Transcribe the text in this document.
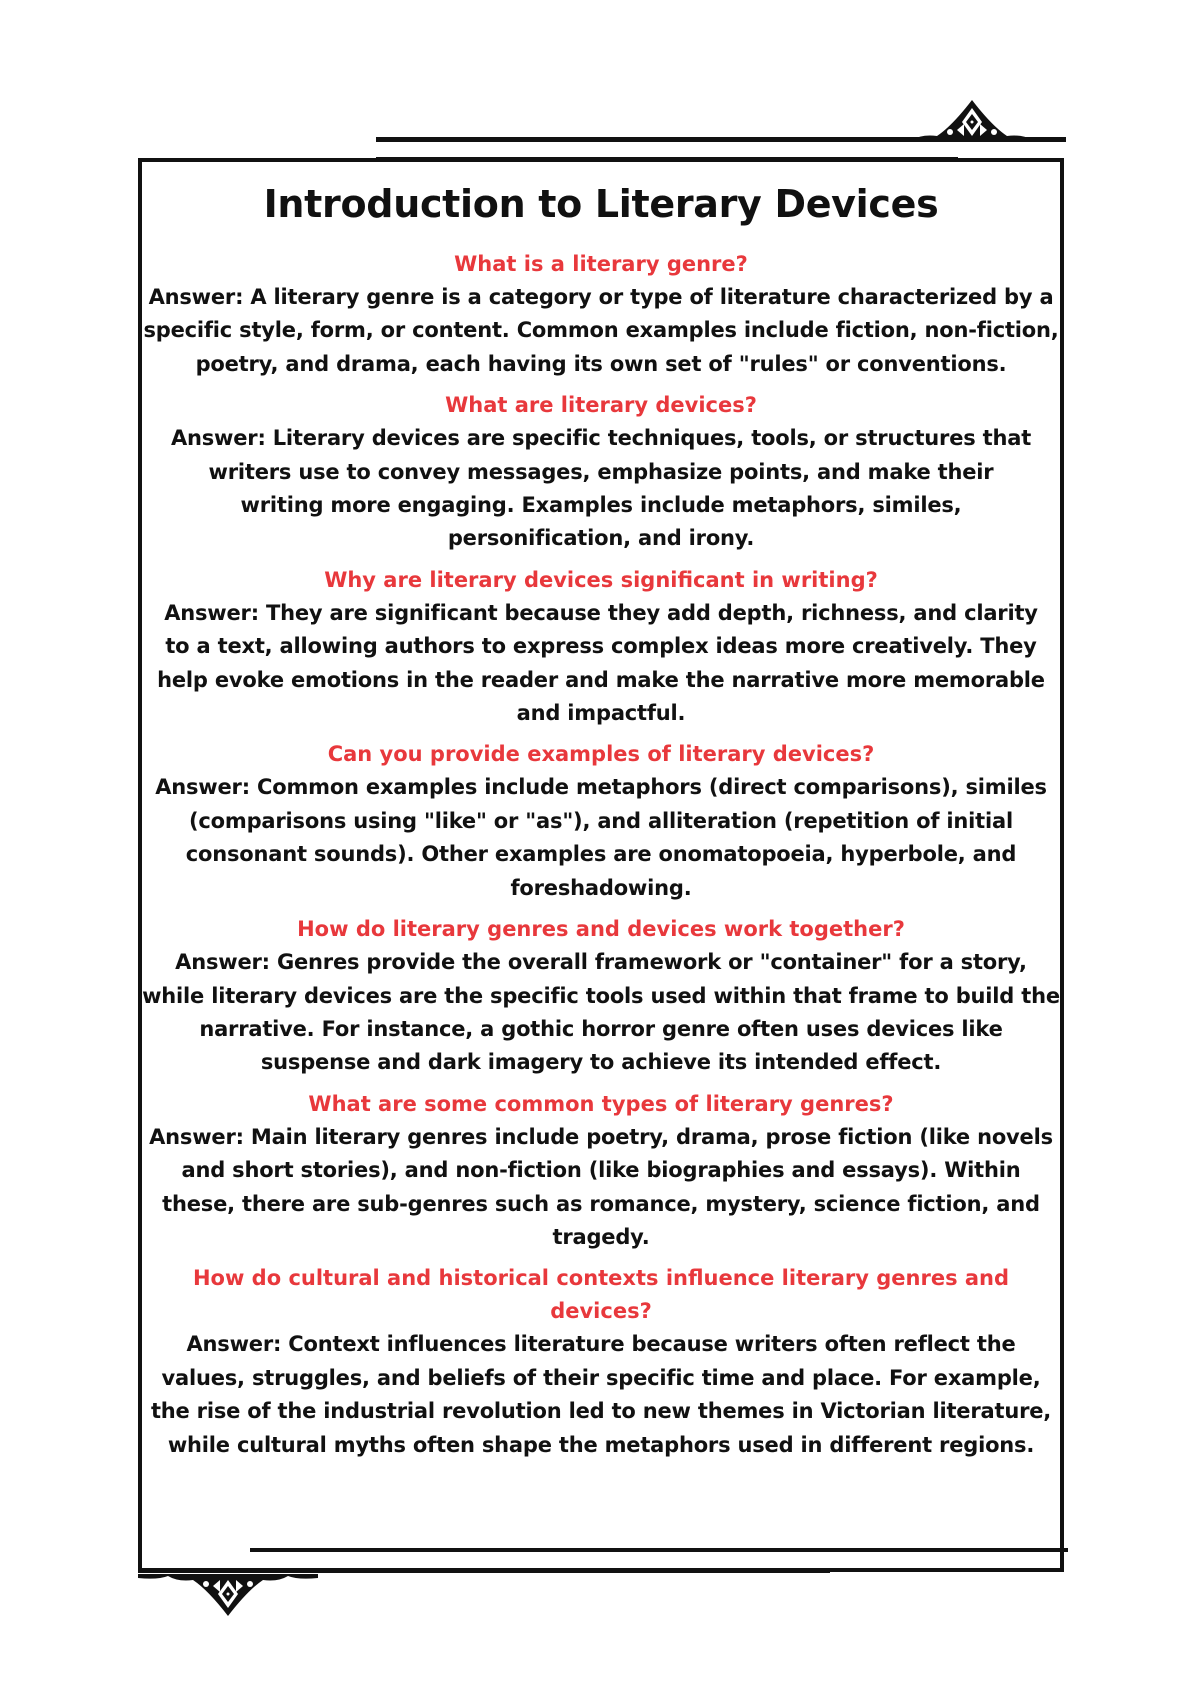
Introduction to Literary Devices
What is a literary genre?
Answer: A literary genre is a category or type of literature characterized by a specific style, form, or content. Common examples include fiction, non-fiction, poetry, and drama, each having its own set of "rules" or conventions.
What are literary devices?
Answer: Literary devices are specific techniques, tools, or structures that writers use to convey messages, emphasize points, and make their writing more engaging. Examples include metaphors, similes, personification, and irony.
Why are literary devices significant in writing?
Answer: They are significant because they add depth, richness, and clarity to a text, allowing authors to express complex ideas more creatively. They help evoke emotions in the reader and make the narrative more memorable and impactful.
Can you provide examples of literary devices?
Answer: Common examples include metaphors (direct comparisons), similes (comparisons using "like" or "as"), and alliteration (repetition of initial consonant sounds). Other examples are onomatopoeia, hyperbole, and foreshadowing.
How do literary genres and devices work together?
Answer: Genres provide the overall framework or "container" for a story, while literary devices are the specific tools used within that frame to build the narrative. For instance, a gothic horror genre often uses devices like suspense and dark imagery to achieve its intended effect.
What are some common types of literary genres?
Answer: Main literary genres include poetry, drama, prose fiction (like novels and short stories), and non-fiction (like biographies and essays). Within these, there are sub-genres such as romance, mystery, science fiction, and tragedy.
How do cultural and historical contexts influence literary genres and devices?
Answer: Context influences literature because writers often reflect the values, struggles, and beliefs of their specific time and place. For example, the rise of the industrial revolution led to new themes in Victorian literature, while cultural myths often shape the metaphors used in different regions.
